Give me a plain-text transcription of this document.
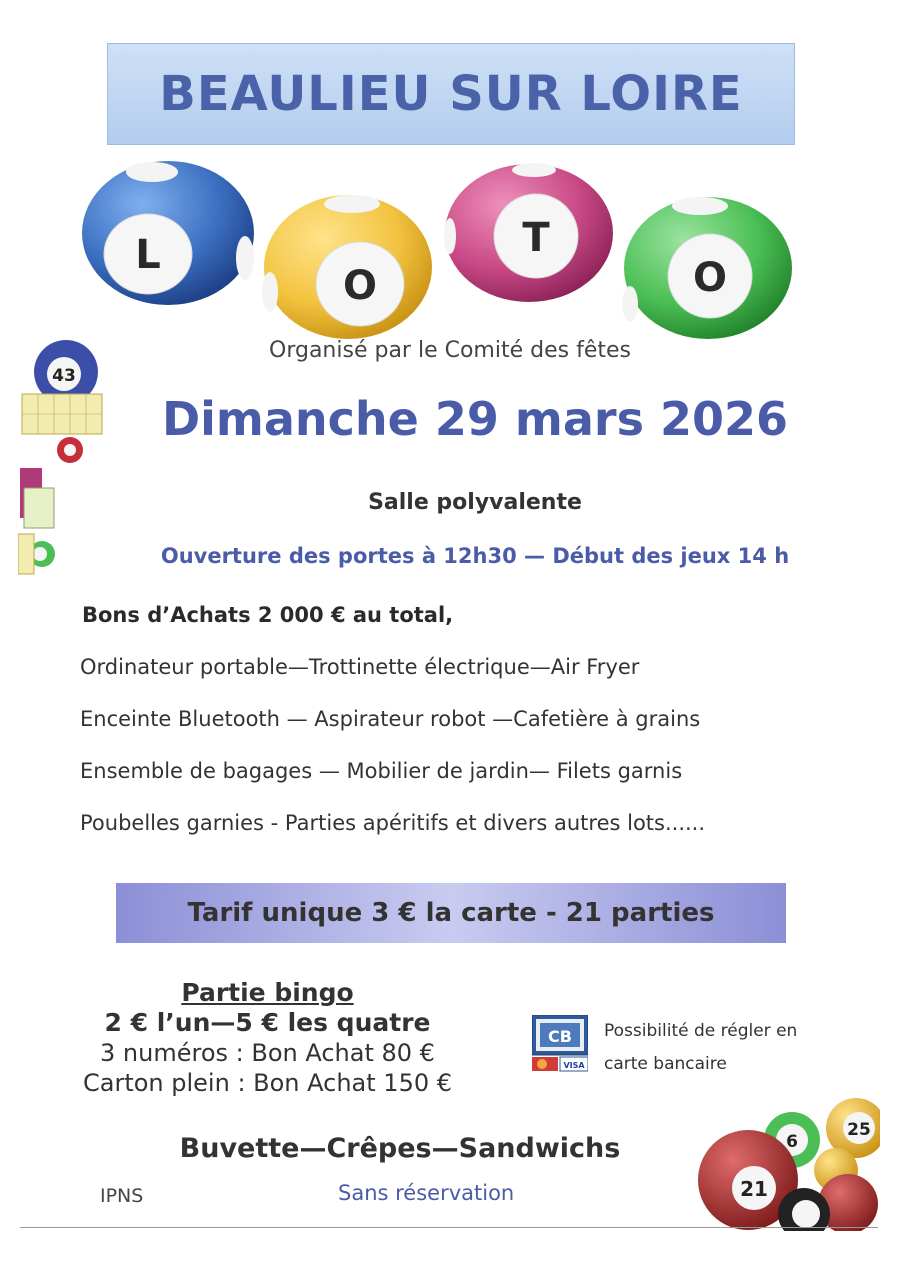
BEAULIEU SUR LOIRE
L
O
T
O
43
25
6
21
Organisé par le Comité des fêtes
Dimanche 29 mars 2026
Salle polyvalente
Ouverture des portes à 12h30 — Début des jeux 14 h
Bons d’Achats 2 000 € au total,
Ordinateur portable—Trottinette électrique—Air Fryer
Enceinte Bluetooth — Aspirateur robot —Cafetière à grains
Ensemble de bagages — Mobilier de jardin— Filets garnis
Poubelles garnies - Parties apéritifs et divers autres lots......
Tarif unique 3 € la carte - 21 parties
Partie bingo
2 € l’un—5 € les quatre
3 numéros : Bon Achat 80 €
Carton plein : Bon Achat 150 €
CB
VISA
Possibilité de régler en
carte bancaire
Buvette—Crêpes—Sandwichs
IPNS	Sans réservation
